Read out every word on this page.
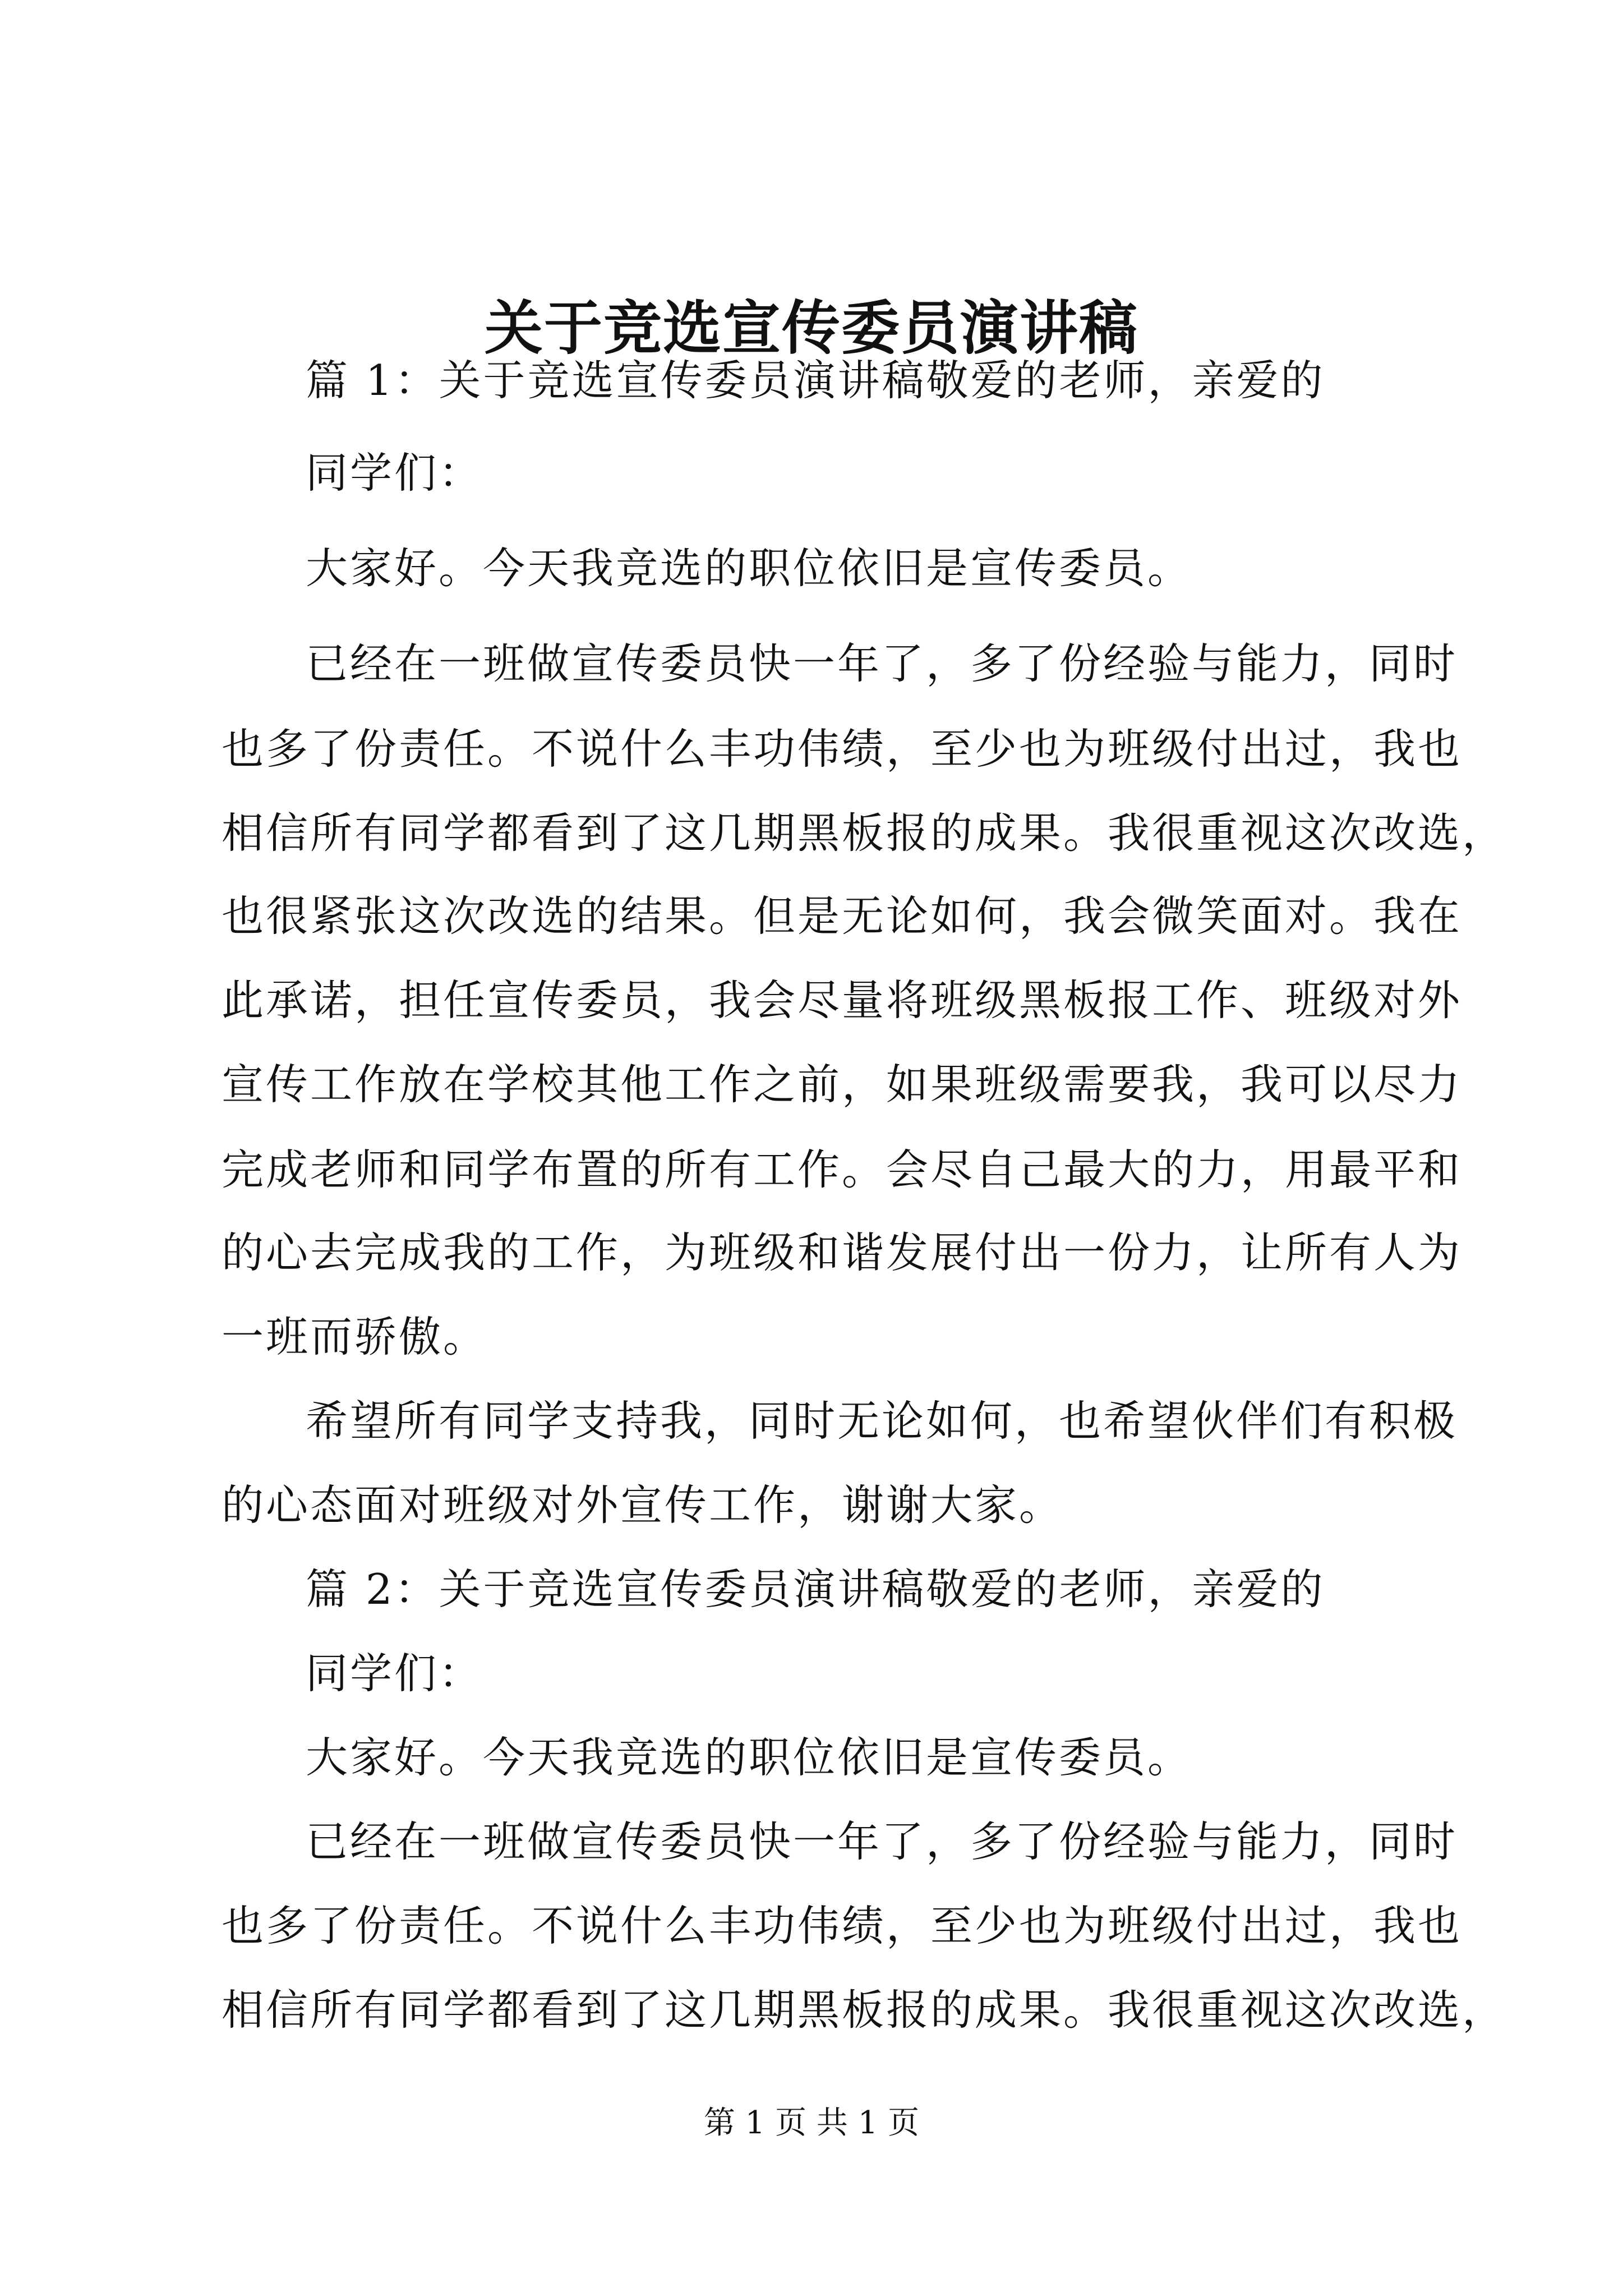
关于竞选宣传委员演讲稿
篇 1：关于竞选宣传委员演讲稿敬爱的老师，亲爱的
同学们：
大家好。今天我竞选的职位依旧是宣传委员。
已经在一班做宣传委员快一年了，多了份经验与能力，同时
也多了份责任。不说什么丰功伟绩，至少也为班级付出过，我也
相信所有同学都看到了这几期黑板报的成果。我很重视这次改选，
也很紧张这次改选的结果。但是无论如何，我会微笑面对。我在
此承诺，担任宣传委员，我会尽量将班级黑板报工作、班级对外
宣传工作放在学校其他工作之前，如果班级需要我，我可以尽力
完成老师和同学布置的所有工作。会尽自己最大的力，用最平和
的心去完成我的工作，为班级和谐发展付出一份力，让所有人为
一班而骄傲。
希望所有同学支持我，同时无论如何，也希望伙伴们有积极
的心态面对班级对外宣传工作，谢谢大家。
篇 2：关于竞选宣传委员演讲稿敬爱的老师，亲爱的
同学们：
大家好。今天我竞选的职位依旧是宣传委员。
已经在一班做宣传委员快一年了，多了份经验与能力，同时
也多了份责任。不说什么丰功伟绩，至少也为班级付出过，我也
相信所有同学都看到了这几期黑板报的成果。我很重视这次改选，
第 1 页 共 1 页
